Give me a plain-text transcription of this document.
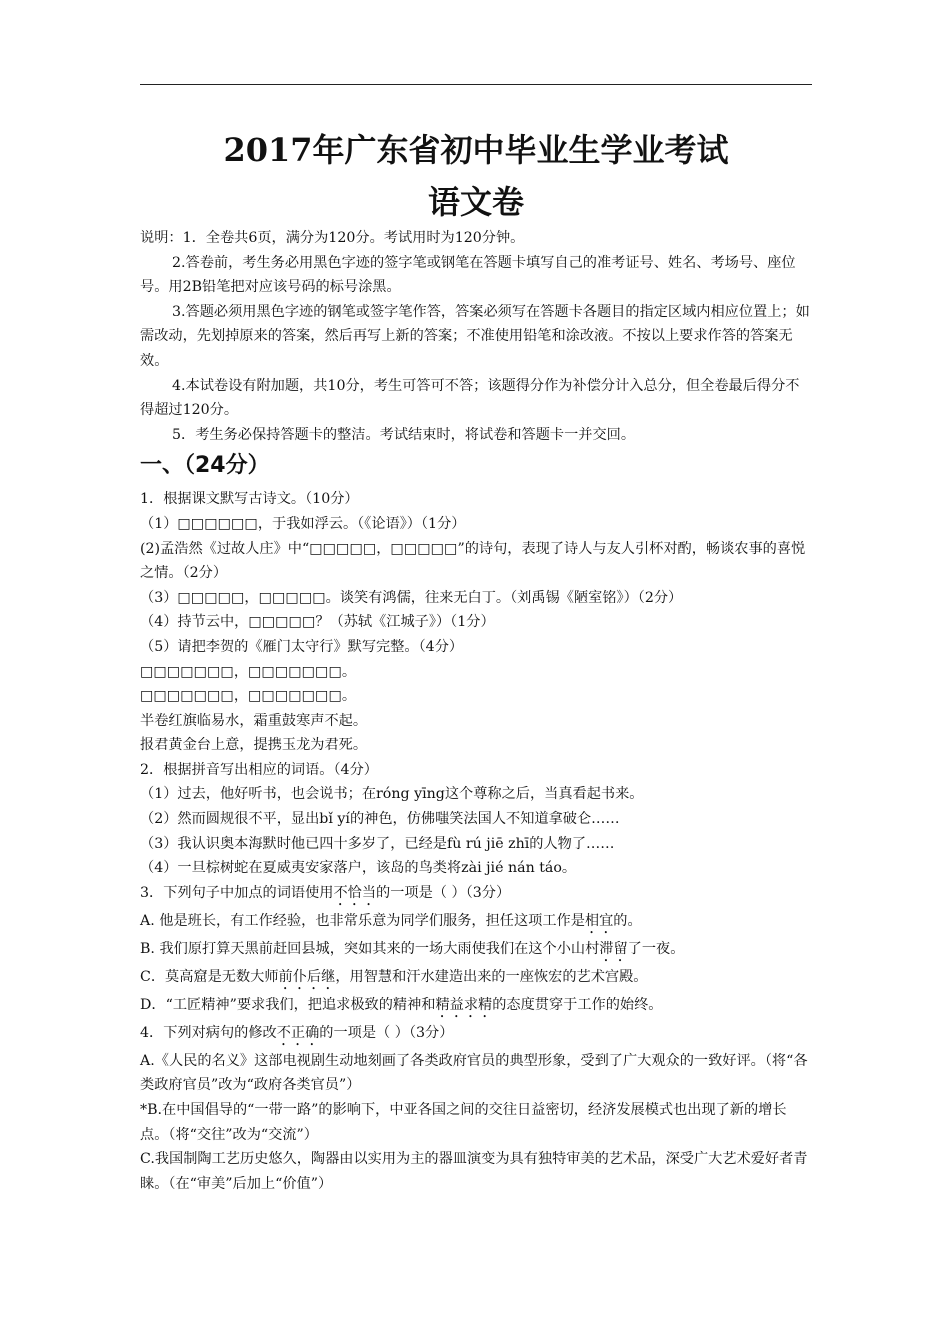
2017年广东省初中毕业生学业考试
语文卷

说明：1．全卷共6页，满分为120分。考试用时为120分钟。

2.答卷前，考生务必用黑色字迹的签字笔或钢笔在答题卡填写自己的准考证号、姓名、考场号、座位号。用2B铅笔把对应该号码的标号涂黑。

3.答题必须用黑色字迹的钢笔或签字笔作答，答案必须写在答题卡各题目的指定区域内相应位置上；如需改动，先划掉原来的答案，然后再写上新的答案；不准使用铅笔和涂改液。不按以上要求作答的答案无效。

4.本试卷设有附加题，共10分，考生可答可不答；该题得分作为补偿分计入总分，但全卷最后得分不得超过120分。

5．考生务必保持答题卡的整洁。考试结束时，将试卷和答题卡一并交回。

一、（24分）

1．根据课文默写古诗文。（10分）

（1）□□□□□□，于我如浮云。（《论语》）（1分）

(2)孟浩然《过故人庄》中“□□□□□，□□□□□”的诗句，表现了诗人与友人引杯对酌，畅谈农事的喜悦之情。（2分）

（3）□□□□□，□□□□□。谈笑有鸿儒，往来无白丁。（刘禹锡《陋室铭》）（2分）

（4）持节云中，□□□□□？（苏轼《江城子》）（1分）

（5）请把李贺的《雁门太守行》默写完整。（4分）

□□□□□□□，□□□□□□□。

□□□□□□□，□□□□□□□。

半卷红旗临易水，霜重鼓寒声不起。

报君黄金台上意，提携玉龙为君死。

2．根据拼音写出相应的词语。（4分）

（1）过去，他好听书，也会说书；在róng yīng这个尊称之后，当真看起书来。

（2）然而圆规很不平，显出bǐ yí的神色，仿佛嗤笑法国人不知道拿破仑……

（3）我认识奥本海默时他已四十多岁了，已经是fù rú jiē zhī的人物了……

（4）一旦棕树蛇在夏威夷安家落户，该岛的鸟类将zài jié nán táo。

3．下列句子中加点的词语使用不恰当的一项是（ ）（3分）

A. 他是班长，有工作经验，也非常乐意为同学们服务，担任这项工作是相宜的。

B. 我们原打算天黑前赶回县城，突如其来的一场大雨使我们在这个小山村滞留了一夜。

C．莫高窟是无数大师前仆后继，用智慧和汗水建造出来的一座恢宏的艺术宫殿。

D．“工匠精神”要求我们，把追求极致的精神和精益求精的态度贯穿于工作的始终。

4．下列对病句的修改不正确的一项是（ ）（3分）

A.《人民的名义》这部电视剧生动地刻画了各类政府官员的典型形象，受到了广大观众的一致好评。（将“各类政府官员”改为“政府各类官员”）

*B.在中国倡导的“一带一路”的影响下，中亚各国之间的交往日益密切，经济发展模式也出现了新的增长点。（将“交往”改为“交流”）

C.我国制陶工艺历史悠久，陶器由以实用为主的器皿演变为具有独特审美的艺术品，深受广大艺术爱好者青睐。（在“审美”后加上“价值”）
